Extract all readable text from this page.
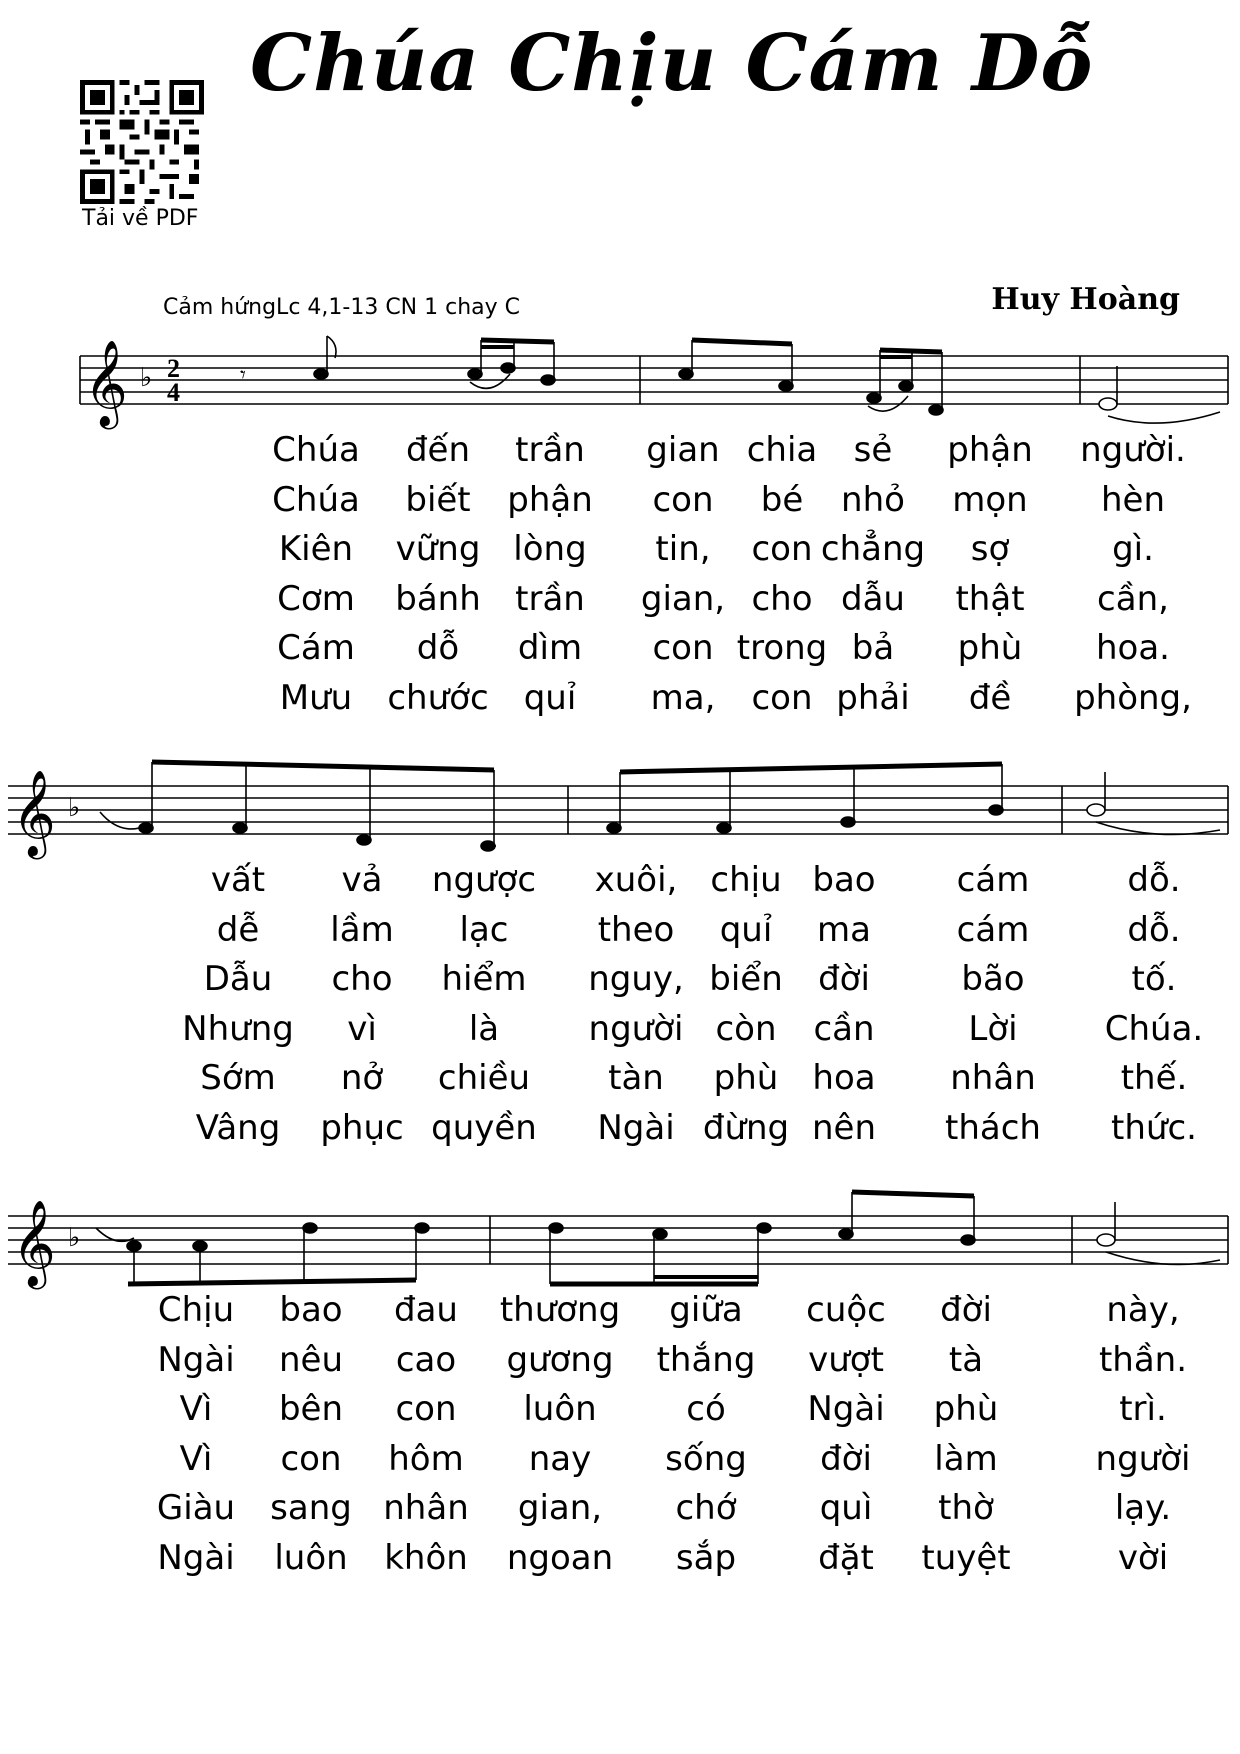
Chúa Chịu Cám Dỗ
Tải về PDF
Cảm hứngLc 4,1-13 CN 1 chay C	Huy Hoàng
𝄞 ♭ 2
4
𝄾
𝄞 ♭
𝄞 ♭
Chúa đến trần gian chia sẻ phận người.
Chúa biết phận con bé nhỏ mọn hèn
Kiên vững lòng tin, con chẳng sợ	gì.
Cơm bánh trần gian, cho dẫu thật cần,
Cám dỗ dìm con trong bả phù hoa.
Mưu chước quỉ ma, con phải đề phòng,
vất vả ngược xuôi, chịu bao cám	dỗ.
dễ lầm lạc	theo quỉ ma	cám	dỗ.
Dẫu cho hiểm nguy, biển đời	bão	tố.
Nhưng vì	là	người còn cần	Lời	Chúa.
Sớm nở chiều tàn phù hoa nhân thế.
Vâng phục quyền Ngài đừng nên thách thức.
Chịu bao đau thương giữa cuộc đời	này,
Ngài nêu cao gương thắng vượt tà	thần.
Vì bên con luôn	có Ngài phù	trì.
Vì con hôm nay sống đời làm	người
Giàu sang nhân gian, chớ quì thờ	lạy.
Ngài luôn khôn ngoan sắp đặt tuyệt	vời
